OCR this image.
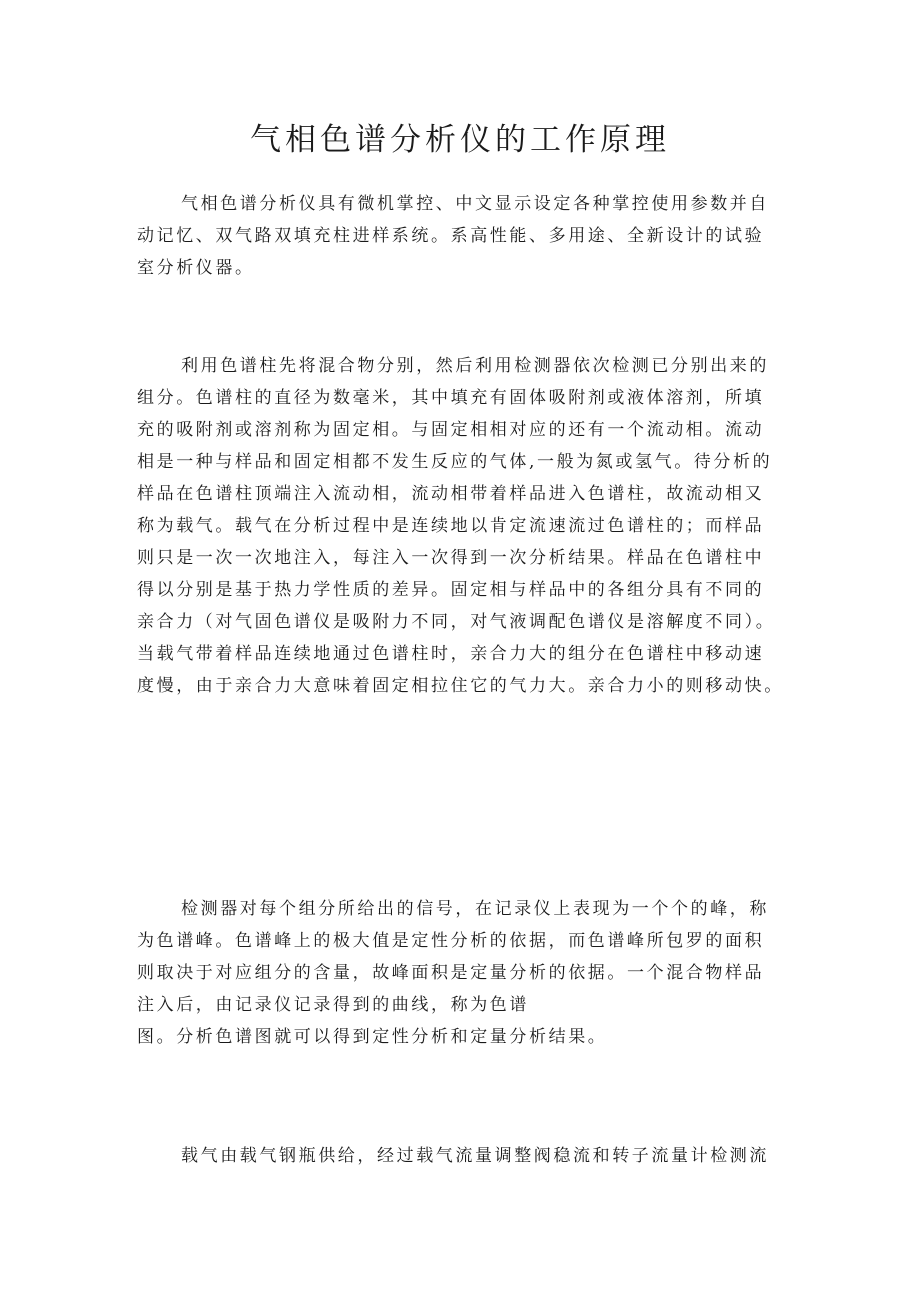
气相色谱分析仪的工作原理
气相色谱分析仪具有微机掌控、中文显示设定各种掌控使用参数并自
动记忆、双气路双填充柱进样系统。系高性能、多用途、全新设计的试验
室分析仪器。
利用色谱柱先将混合物分别，然后利用检测器依次检测已分别出来的
组分。色谱柱的直径为数毫米，其中填充有固体吸附剂或液体溶剂，所填
充的吸附剂或溶剂称为固定相。与固定相相对应的还有一个流动相。流动
相是一种与样品和固定相都不发生反应的气体,一般为氮或氢气。待分析的
样品在色谱柱顶端注入流动相，流动相带着样品进入色谱柱，故流动相又
称为载气。载气在分析过程中是连续地以肯定流速流过色谱柱的；而样品
则只是一次一次地注入，每注入一次得到一次分析结果。样品在色谱柱中
得以分别是基于热力学性质的差异。固定相与样品中的各组分具有不同的
亲合力（对气固色谱仪是吸附力不同，对气液调配色谱仪是溶解度不同）。
当载气带着样品连续地通过色谱柱时，亲合力大的组分在色谱柱中移动速
度慢，由于亲合力大意味着固定相拉住它的气力大。亲合力小的则移动快。
检测器对每个组分所给出的信号，在记录仪上表现为一个个的峰，称
为色谱峰。色谱峰上的极大值是定性分析的依据，而色谱峰所包罗的面积
则取决于对应组分的含量，故峰面积是定量分析的依据。一个混合物样品
注入后，由记录仪记录得到的曲线，称为色谱
图。分析色谱图就可以得到定性分析和定量分析结果。
载气由载气钢瓶供给，经过载气流量调整阀稳流和转子流量计检测流
